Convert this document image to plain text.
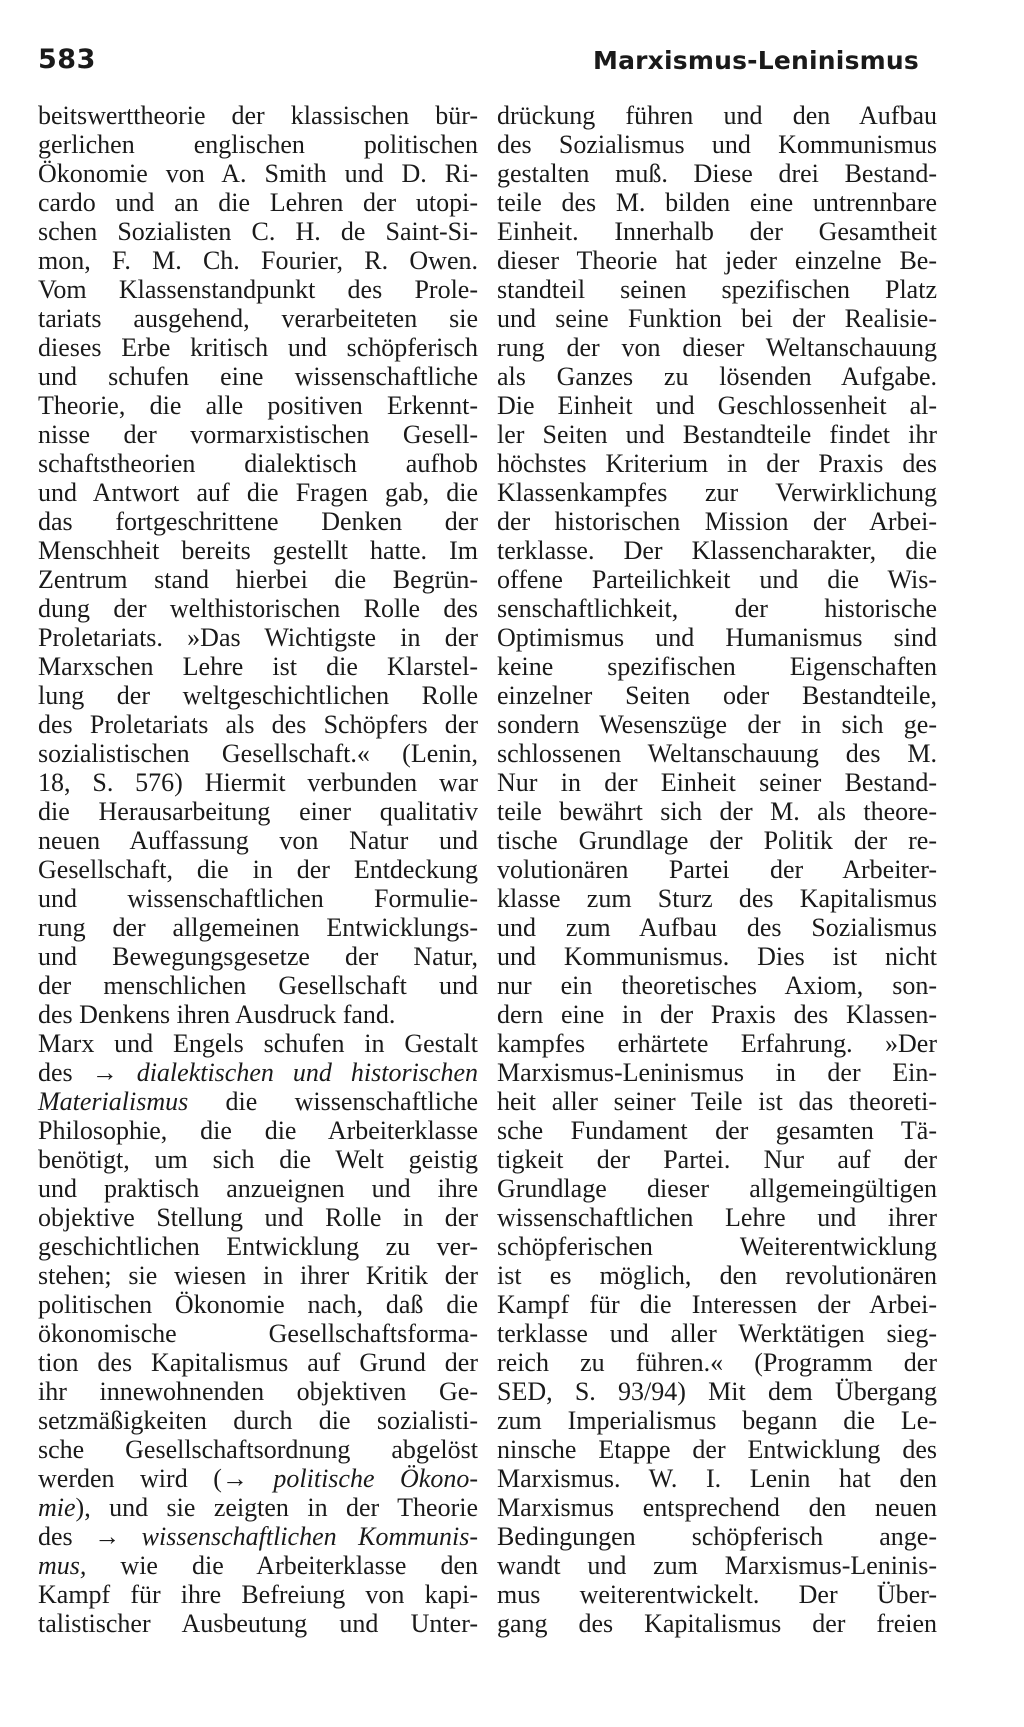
583	Marxismus-Leninismus
beitswerttheorie der klassischen bür-
gerlichen englischen politischen
Ökonomie von A. Smith und D. Ri-
cardo und an die Lehren der utopi-
schen Sozialisten C. H. de Saint-Si-
mon, F. M. Ch. Fourier, R. Owen.
Vom Klassenstandpunkt des Prole-
tariats ausgehend, verarbeiteten sie
dieses Erbe kritisch und schöpferisch
und schufen eine wissenschaftliche
Theorie, die alle positiven Erkennt-
nisse der vormarxistischen Gesell-
schaftstheorien dialektisch aufhob
und Antwort auf die Fragen gab, die
das fortgeschrittene Denken der
Menschheit bereits gestellt hatte. Im
Zentrum stand hierbei die Begrün-
dung der welthistorischen Rolle des
Proletariats. »Das Wichtigste in der
Marxschen Lehre ist die Klarstel-
lung der weltgeschichtlichen Rolle
des Proletariats als des Schöpfers der
sozialistischen Gesellschaft.« (Lenin,
18, S. 576) Hiermit verbunden war
die Herausarbeitung einer qualitativ
neuen Auffassung von Natur und
Gesellschaft, die in der Entdeckung
und wissenschaftlichen Formulie-
rung der allgemeinen Entwicklungs-
und Bewegungsgesetze der Natur,
der menschlichen Gesellschaft und
des Denkens ihren Ausdruck fand.
Marx und Engels schufen in Gestalt
des → dialektischen und historischen
Materialismus die wissenschaftliche
Philosophie, die die Arbeiterklasse
benötigt, um sich die Welt geistig
und praktisch anzueignen und ihre
objektive Stellung und Rolle in der
geschichtlichen Entwicklung zu ver-
stehen; sie wiesen in ihrer Kritik der
politischen Ökonomie nach, daß die
ökonomische Gesellschaftsforma-
tion des Kapitalismus auf Grund der
ihr innewohnenden objektiven Ge-
setzmäßigkeiten durch die sozialisti-
sche Gesellschaftsordnung abgelöst
werden wird (→ politische Ökono-
mie), und sie zeigten in der Theorie
des → wissenschaftlichen Kommunis-
mus, wie die Arbeiterklasse den
Kampf für ihre Befreiung von kapi-
talistischer Ausbeutung und Unter-
drückung führen und den Aufbau
des Sozialismus und Kommunismus
gestalten muß. Diese drei Bestand-
teile des M. bilden eine untrennbare
Einheit. Innerhalb der Gesamtheit
dieser Theorie hat jeder einzelne Be-
standteil seinen spezifischen Platz
und seine Funktion bei der Realisie-
rung der von dieser Weltanschauung
als Ganzes zu lösenden Aufgabe.
Die Einheit und Geschlossenheit al-
ler Seiten und Bestandteile findet ihr
höchstes Kriterium in der Praxis des
Klassenkampfes zur Verwirklichung
der historischen Mission der Arbei-
terklasse. Der Klassencharakter, die
offene Parteilichkeit und die Wis-
senschaftlichkeit, der historische
Optimismus und Humanismus sind
keine spezifischen Eigenschaften
einzelner Seiten oder Bestandteile,
sondern Wesenszüge der in sich ge-
schlossenen Weltanschauung des M.
Nur in der Einheit seiner Bestand-
teile bewährt sich der M. als theore-
tische Grundlage der Politik der re-
volutionären Partei der Arbeiter-
klasse zum Sturz des Kapitalismus
und zum Aufbau des Sozialismus
und Kommunismus. Dies ist nicht
nur ein theoretisches Axiom, son-
dern eine in der Praxis des Klassen-
kampfes erhärtete Erfahrung. »Der
Marxismus-Leninismus in der Ein-
heit aller seiner Teile ist das theoreti-
sche Fundament der gesamten Tä-
tigkeit der Partei. Nur auf der
Grundlage dieser allgemeingültigen
wissenschaftlichen Lehre und ihrer
schöpferischen Weiterentwicklung
ist es möglich, den revolutionären
Kampf für die Interessen der Arbei-
terklasse und aller Werktätigen sieg-
reich zu führen.« (Programm der
SED, S. 93/94) Mit dem Übergang
zum Imperialismus begann die Le-
ninsche Etappe der Entwicklung des
Marxismus. W. I. Lenin hat den
Marxismus entsprechend den neuen
Bedingungen schöpferisch ange-
wandt und zum Marxismus-Leninis-
mus weiterentwickelt. Der Über-
gang des Kapitalismus der freien
